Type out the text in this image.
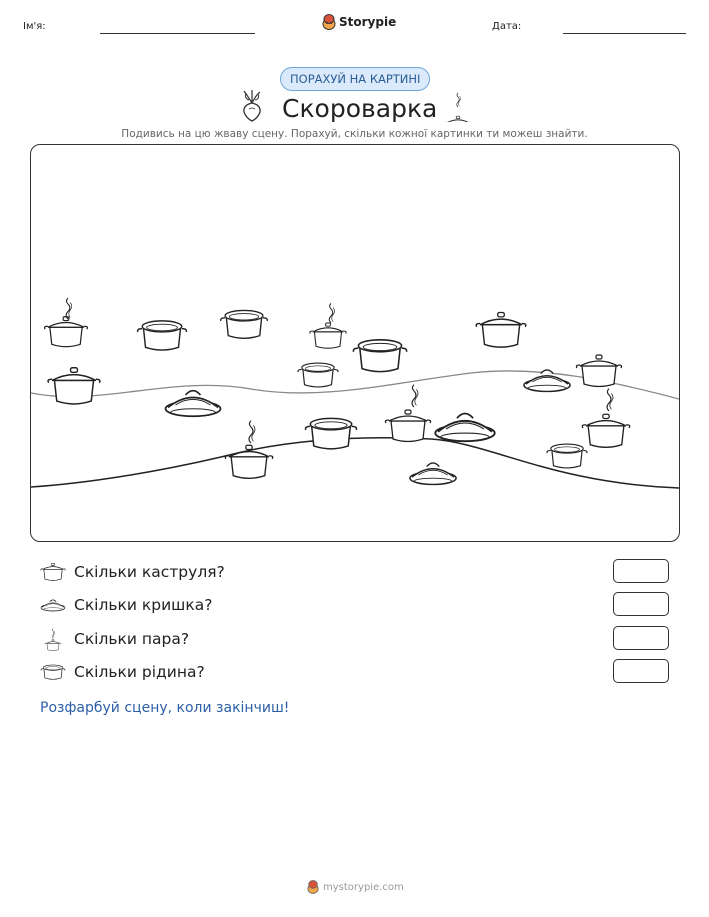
Ім'я:	Storypie	Дата:
ПОРАХУЙ НА КАРТИНІ
Скороварка
Подивись на цю жваву сцену. Порахуй, скільки кожної картинки ти можеш знайти.
Скільки каструля?
Скільки кришка?
Скільки пара?
Скільки рідина?
Розфарбуй сцену, коли закінчиш!
mystorypie.com
